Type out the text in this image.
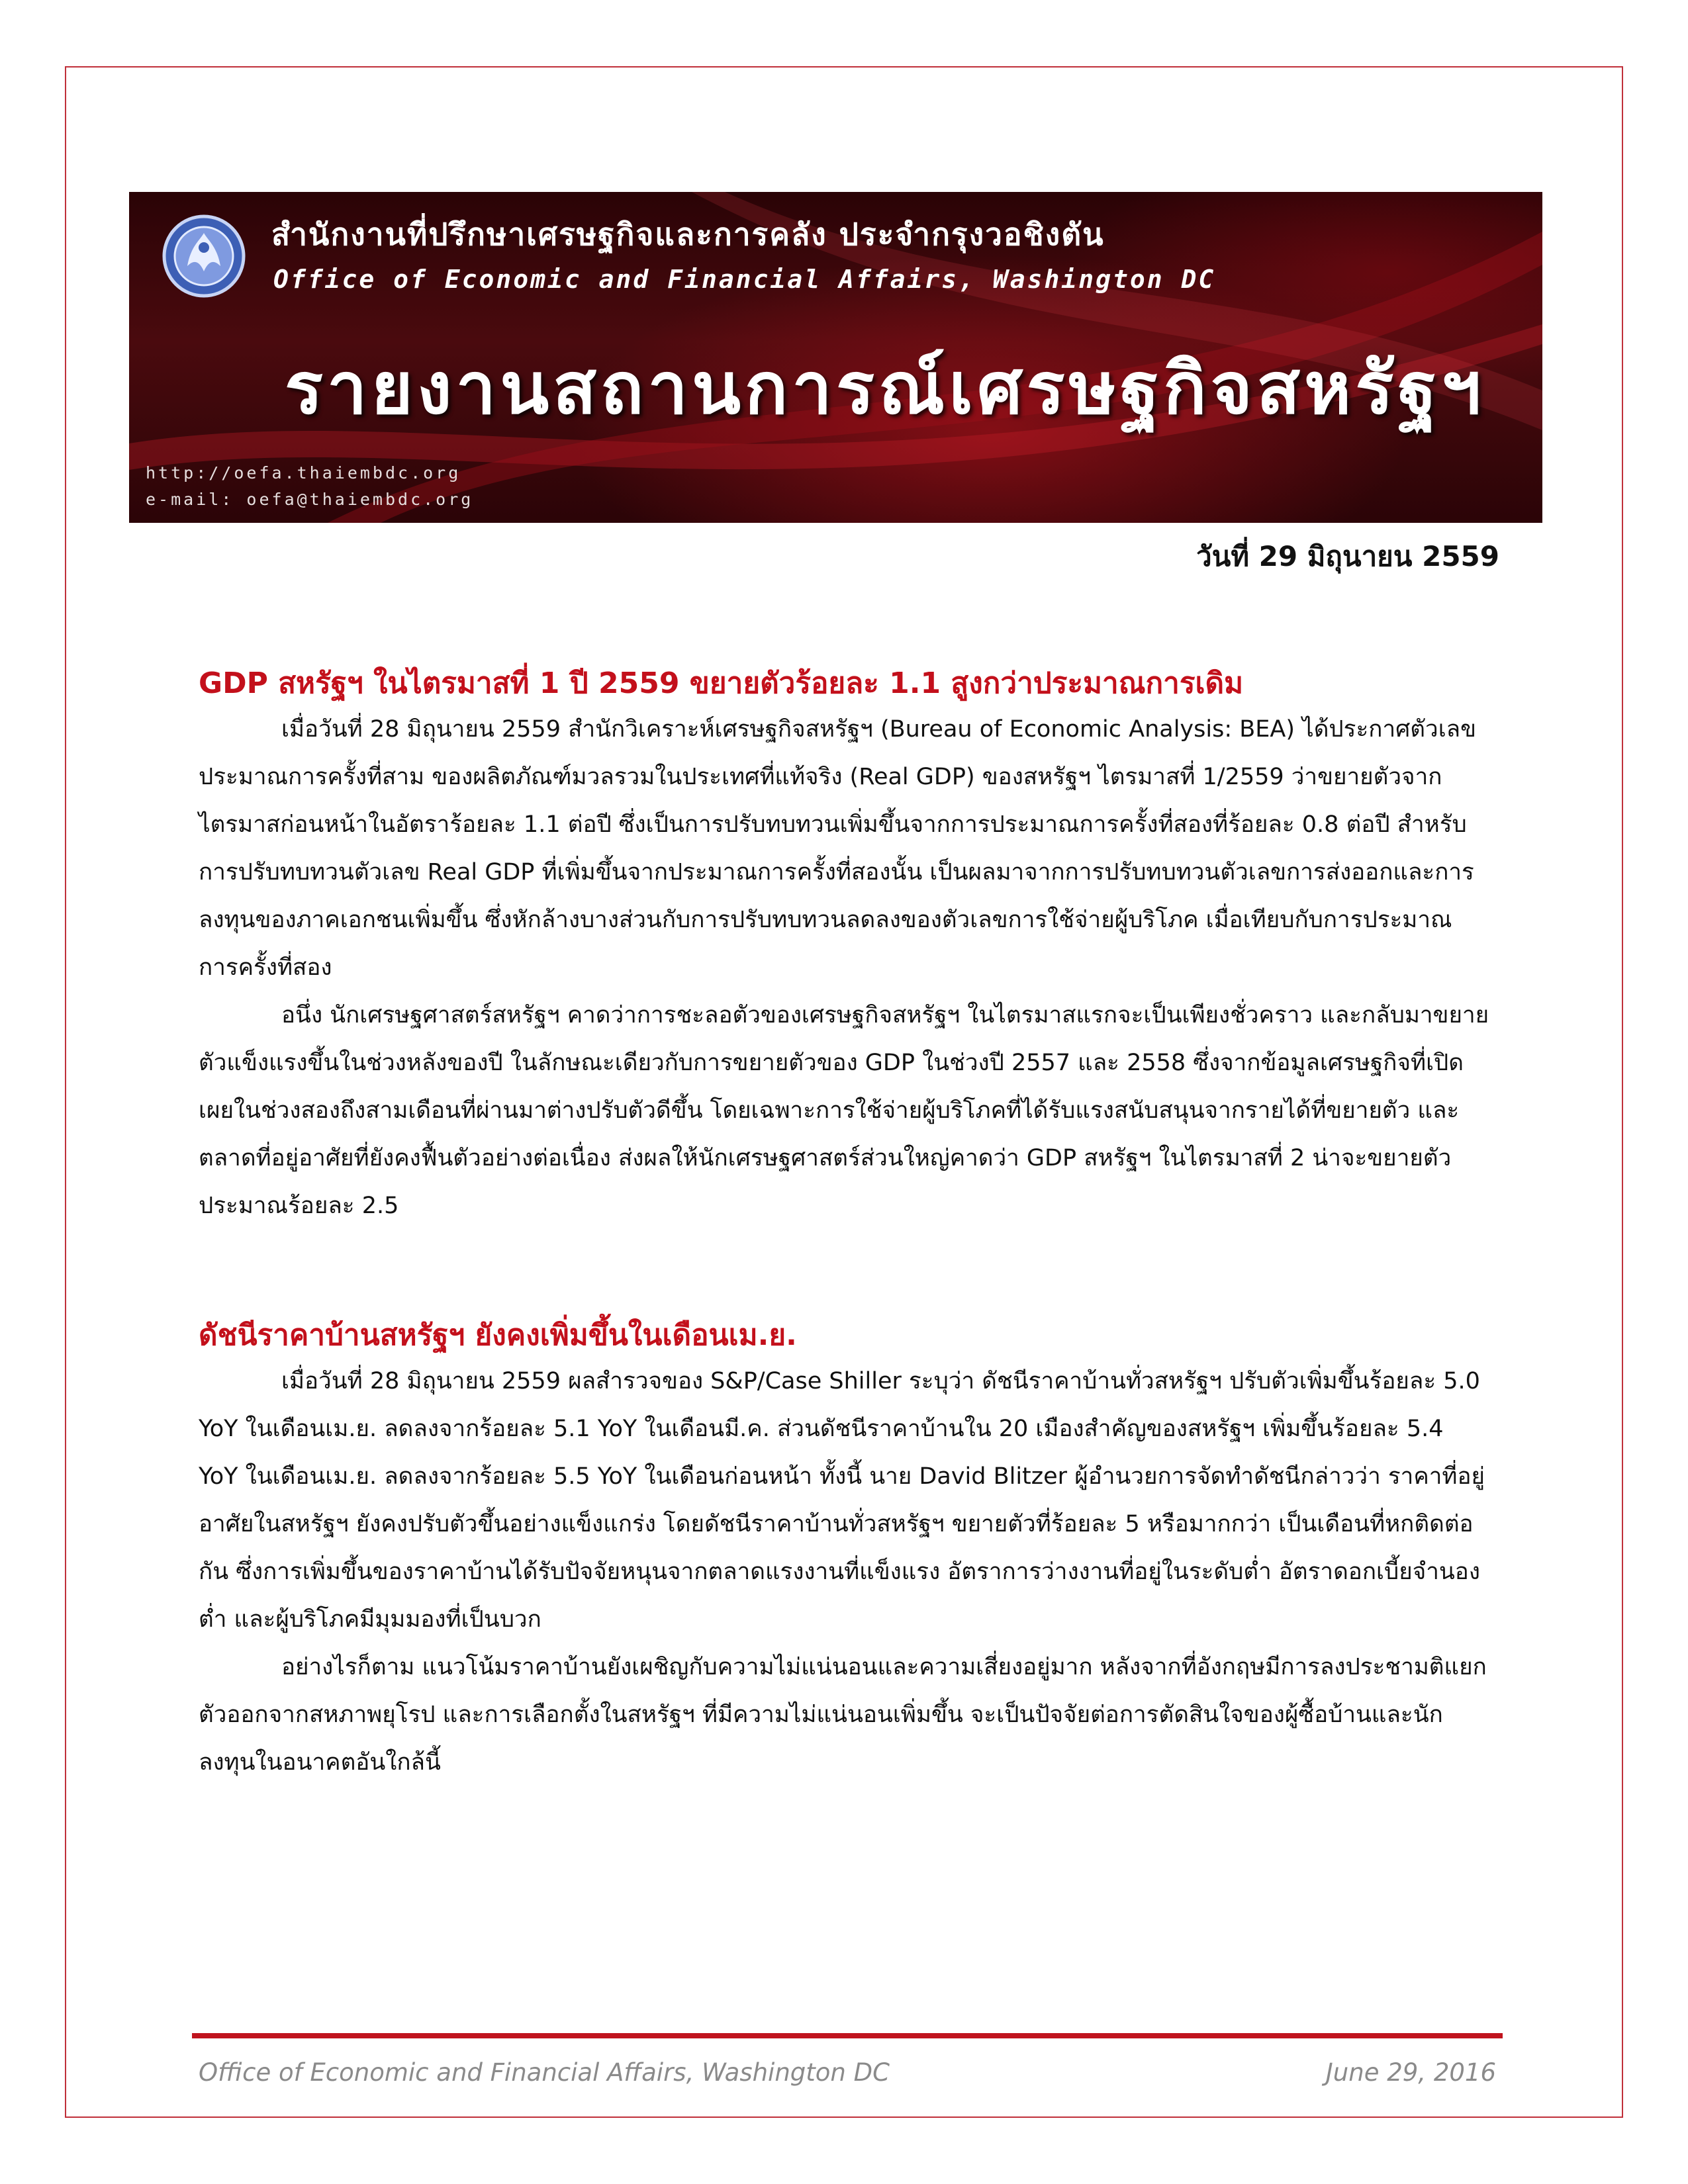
สำนักงานที่ปรึกษาเศรษฐกิจและการคลัง ประจำกรุงวอชิงตัน
Office of Economic and Financial Affairs, Washington DC
รายงานสถานการณ์เศรษฐกิจสหรัฐฯ
http://oefa.thaiembdc.org
e-mail: oefa@thaiembdc.org
วันที่ 29 มิถุนายน 2559
GDP สหรัฐฯ ในไตรมาสที่ 1 ปี 2559 ขยายตัวร้อยละ 1.1 สูงกว่าประมาณการเดิม

เมื่อวันที่ 28 มิถุนายน 2559 สำนักวิเคราะห์เศรษฐกิจสหรัฐฯ (Bureau of Economic Analysis: BEA) ได้ประกาศตัวเลขประมาณการครั้งที่สาม ของผลิตภัณฑ์มวลรวมในประเทศที่แท้จริง (Real GDP) ของสหรัฐฯ ไตรมาสที่ 1/2559 ว่าขยายตัวจากไตรมาสก่อนหน้าในอัตราร้อยละ 1.1 ต่อปี ซึ่งเป็นการปรับทบทวนเพิ่มขึ้นจากการประมาณการครั้งที่สองที่ร้อยละ 0.8 ต่อปี สำหรับการปรับทบทวนตัวเลข Real GDP ที่เพิ่มขึ้นจากประมาณการครั้งที่สองนั้น เป็นผลมาจากการปรับทบทวนตัวเลขการส่งออกและการลงทุนของภาคเอกชนเพิ่มขึ้น ซึ่งหักล้างบางส่วนกับการปรับทบทวนลดลงของตัวเลขการใช้จ่ายผู้บริโภค เมื่อเทียบกับการประมาณการครั้งที่สอง

อนึ่ง นักเศรษฐศาสตร์สหรัฐฯ คาดว่าการชะลอตัวของเศรษฐกิจสหรัฐฯ ในไตรมาสแรกจะเป็นเพียงชั่วคราว และกลับมาขยายตัวแข็งแรงขึ้นในช่วงหลังของปี ในลักษณะเดียวกับการขยายตัวของ GDP ในช่วงปี 2557 และ 2558 ซึ่งจากข้อมูลเศรษฐกิจที่เปิดเผยในช่วงสองถึงสามเดือนที่ผ่านมาต่างปรับตัวดีขึ้น โดยเฉพาะการใช้จ่ายผู้บริโภคที่ได้รับแรงสนับสนุนจากรายได้ที่ขยายตัว และตลาดที่อยู่อาศัยที่ยังคงฟื้นตัวอย่างต่อเนื่อง ส่งผลให้นักเศรษฐศาสตร์ส่วนใหญ่คาดว่า GDP สหรัฐฯ ในไตรมาสที่ 2 น่าจะขยายตัวประมาณร้อยละ 2.5

ดัชนีราคาบ้านสหรัฐฯ ยังคงเพิ่มขึ้นในเดือนเม.ย.

เมื่อวันที่ 28 มิถุนายน 2559 ผลสำรวจของ S&P/Case Shiller ระบุว่า ดัชนีราคาบ้านทั่วสหรัฐฯ ปรับตัวเพิ่มขึ้นร้อยละ 5.0 YoY ในเดือนเม.ย. ลดลงจากร้อยละ 5.1 YoY ในเดือนมี.ค. ส่วนดัชนีราคาบ้านใน 20 เมืองสำคัญของสหรัฐฯ เพิ่มขึ้นร้อยละ 5.4 YoY ในเดือนเม.ย. ลดลงจากร้อยละ 5.5 YoY ในเดือนก่อนหน้า ทั้งนี้ นาย David Blitzer ผู้อำนวยการจัดทำดัชนีกล่าวว่า ราคาที่อยู่อาศัยในสหรัฐฯ ยังคงปรับตัวขึ้นอย่างแข็งแกร่ง โดยดัชนีราคาบ้านทั่วสหรัฐฯ ขยายตัวที่ร้อยละ 5 หรือมากกว่า เป็นเดือนที่หกติดต่อกัน ซึ่งการเพิ่มขึ้นของราคาบ้านได้รับปัจจัยหนุนจากตลาดแรงงานที่แข็งแรง อัตราการว่างงานที่อยู่ในระดับต่ำ อัตราดอกเบี้ยจำนองต่ำ และผู้บริโภคมีมุมมองที่เป็นบวก

อย่างไรก็ตาม แนวโน้มราคาบ้านยังเผชิญกับความไม่แน่นอนและความเสี่ยงอยู่มาก หลังจากที่อังกฤษมีการลงประชามติแยกตัวออกจากสหภาพยุโรป และการเลือกตั้งในสหรัฐฯ ที่มีความไม่แน่นอนเพิ่มขึ้น จะเป็นปัจจัยต่อการตัดสินใจของผู้ซื้อบ้านและนักลงทุนในอนาคตอันใกล้นี้

Office of Economic and Financial Affairs, Washington DC	June 29, 2016
